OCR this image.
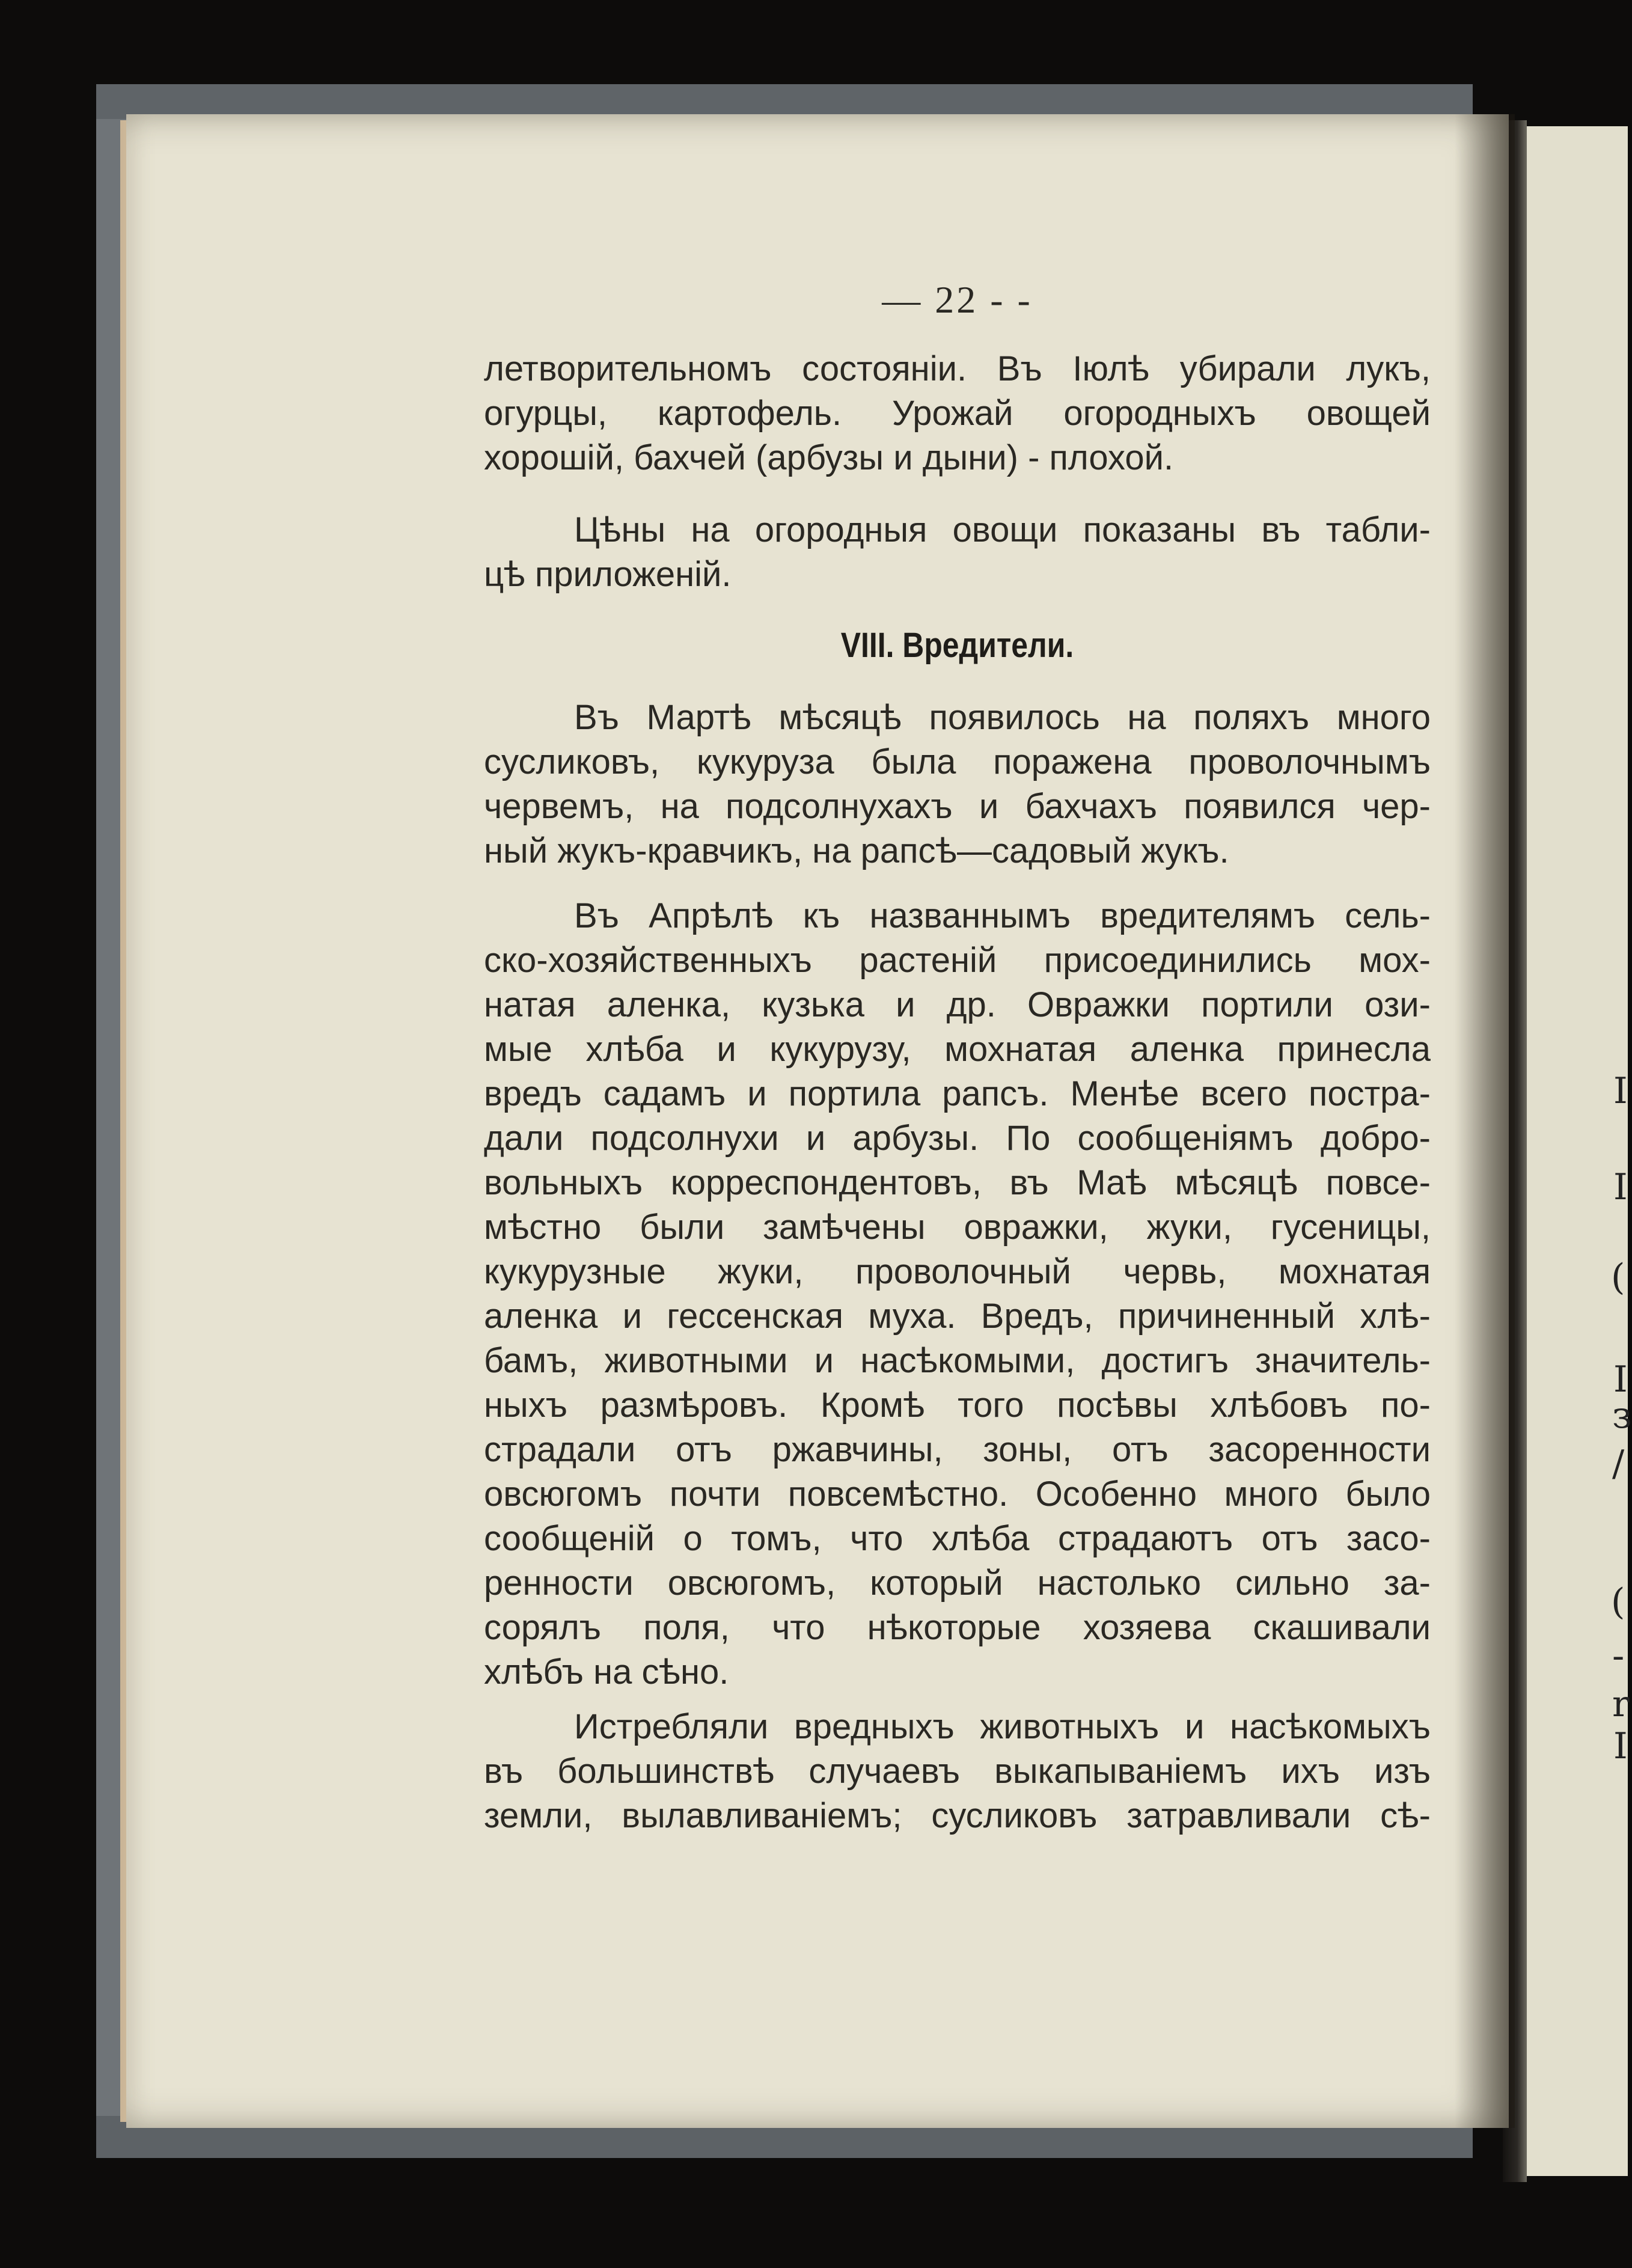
I
I
(
I
з
/
(
-
r
I
— 22 - -
летворительномъ состоянiи. Въ Iюлѣ убирали лукъ,
огурцы, картофель. Урожай огородныхъ овощей
хорошiй, бахчей (арбузы и дыни) - плохой.
Цѣны на огородныя овощи показаны въ табли-
цѣ приложенiй.
VIII. Вредители.
Въ Мартѣ мѣсяцѣ появилось на поляхъ много
сусликовъ, кукуруза была поражена проволочнымъ
червемъ, на подсолнухахъ и бахчахъ появился чер-
ный жукъ-кравчикъ, на рапсѣ—садовый жукъ.
Въ Апрѣлѣ къ названнымъ вредителямъ сель-
ско-хозяйственныхъ растенiй присоединились мох-
натая аленка, кузька и др. Овражки портили ози-
мые хлѣба и кукурузу, мохнатая аленка принесла
вредъ садамъ и портила рапсъ. Менѣе всего постра-
дали подсолнухи и арбузы. По сообщенiямъ добро-
вольныхъ корреспондентовъ, въ Маѣ мѣсяцѣ повсе-
мѣстно были замѣчены овражки, жуки, гусеницы,
кукурузные жуки, проволочный червь, мохнатая
аленка и гессенская муха. Вредъ, причиненный хлѣ-
бамъ, животными и насѣкомыми, достигъ значитель-
ныхъ размѣровъ. Кромѣ того посѣвы хлѣбовъ по-
страдали отъ ржавчины, зоны, отъ засоренности
овсюгомъ почти повсемѣстно. Особенно много было
сообщенiй о томъ, что хлѣба страдаютъ отъ засо-
ренности овсюгомъ, который настолько сильно за-
сорялъ поля, что нѣкоторые хозяева скашивали
хлѣбъ на сѣно.
Истребляли вредныхъ животныхъ и насѣкомыхъ
въ большинствѣ случаевъ выкапыванiемъ ихъ изъ
земли, вылавливанiемъ; сусликовъ затравливали сѣ-
